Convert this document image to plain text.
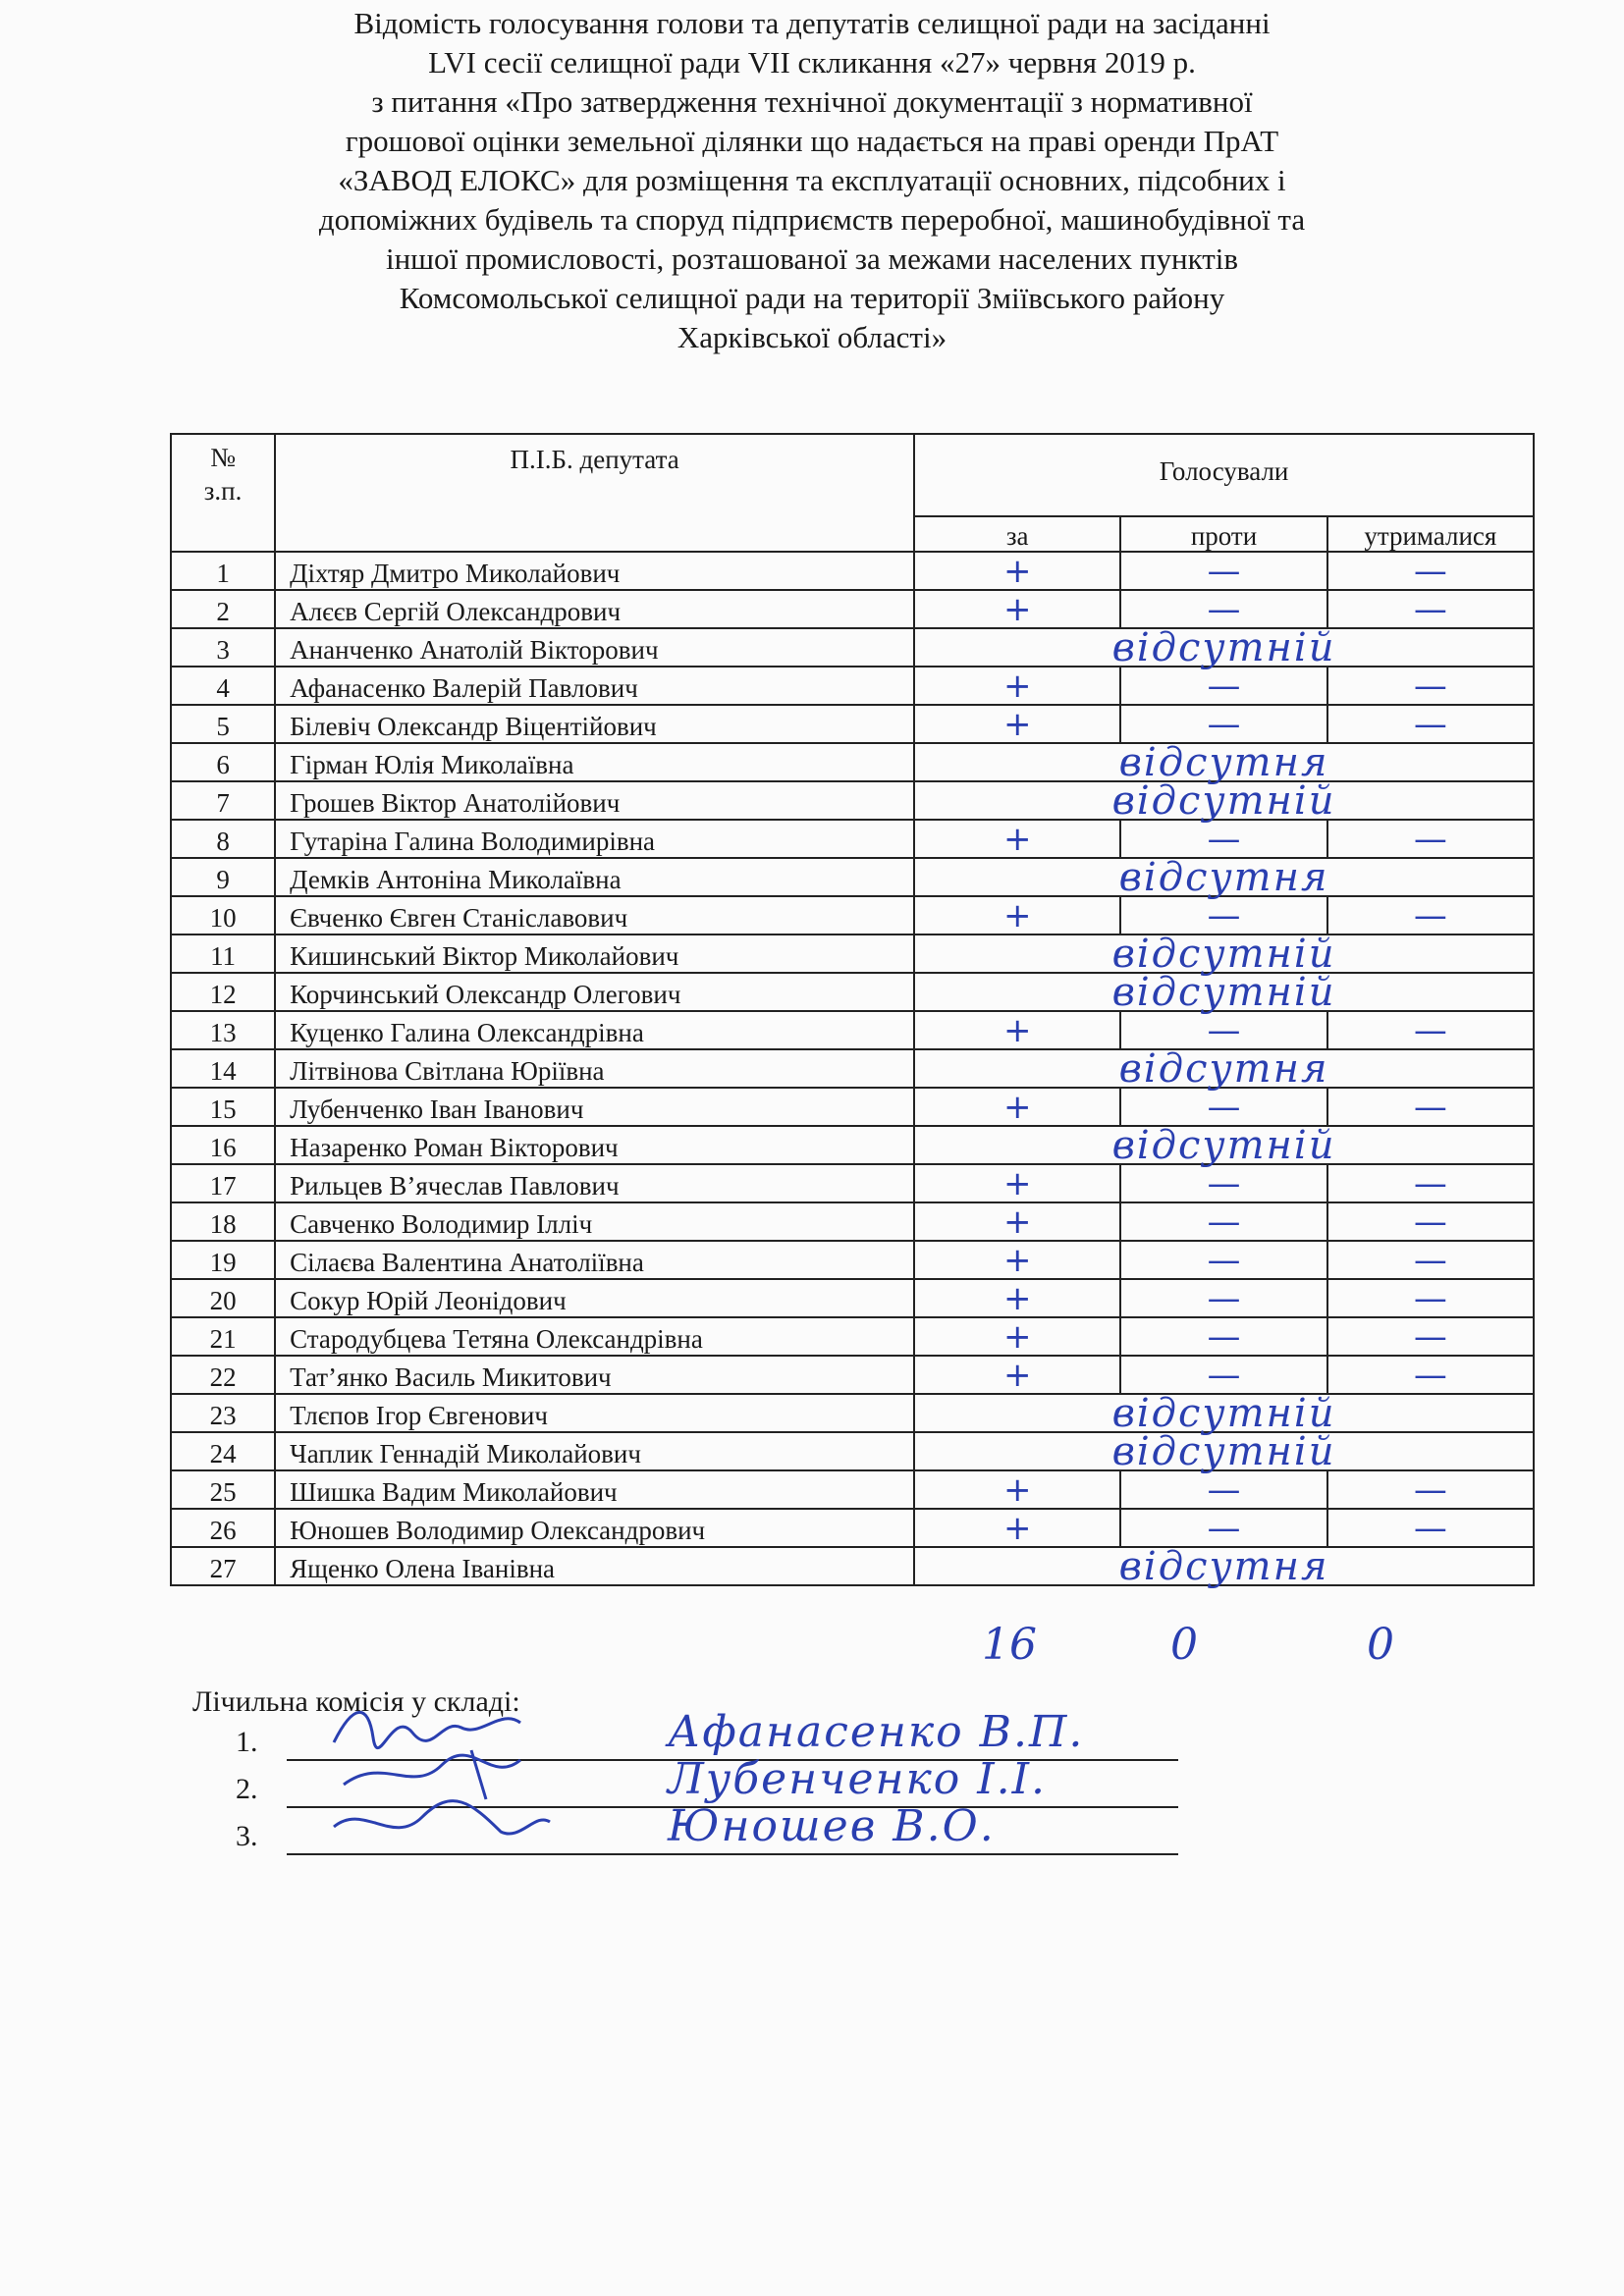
Відомість голосування голови та депутатів селищної ради на засіданні
LVI сесії селищної ради VII скликання «27» червня 2019 р.
з питання «Про затвердження технічної документації з нормативної
грошової оцінки земельної ділянки що надається на праві оренди ПрАТ
«ЗАВОД ЕЛОКС» для розміщення та експлуатації основних, підсобних і
допоміжних будівель та споруд підприємств переробної, машинобудівної та
іншої промисловості, розташованої за межами населених пунктів
Комсомольської селищної ради на території Зміївського району
Харківської області»
№
з.п.	П.І.Б. депутата	Голосували		
		за	проти	утрималися
1	Діхтяр Дмитро Миколайович	+	—	—
2	Алєєв Сергій Олександрович	+	—	—
3	Ананченко Анатолій Вікторович	відсутній		
4	Афанасенко Валерій Павлович	+	—	—
5	Білевіч Олександр Віцентійович	+	—	—
6	Гірман Юлія Миколаївна	відсутня		
7	Грошев Віктор Анатолійович	відсутній		
8	Гутаріна Галина Володимирівна	+	—	—
9	Демків Антоніна Миколаївна	відсутня		
10	Євченко Євген Станіславович	+	—	—
11	Кишинський Віктор Миколайович	відсутній		
12	Корчинський Олександр Олегович	відсутній		
13	Куценко Галина Олександрівна	+	—	—
14	Літвінова Світлана Юріївна	відсутня		
15	Лубенченко Іван Іванович	+	—	—
16	Назаренко Роман Вікторович	відсутній		
17	Рильцев В’ячеслав Павлович	+	—	—
18	Савченко Володимир Ілліч	+	—	—
19	Сілаєва Валентина Анатоліївна	+	—	—
20	Сокур Юрій Леонідович	+	—	—
21	Стародубцева Тетяна Олександрівна	+	—	—
22	Тат’янко Василь Микитович	+	—	—
23	Тлєпов Ігор Євгенович	відсутній		
24	Чаплик Геннадій Миколайович	відсутній		
25	Шишка Вадим Миколайович	+	—	—
26	Юношев Володимир Олександрович	+	—	—
27	Ященко Олена Іванівна	відсутня		
16	0	0
Лічильна комісія у складі:
1.	Афанасенко В.П.
2.	Лубенченко І.І.
3.	Юношев В.О.
